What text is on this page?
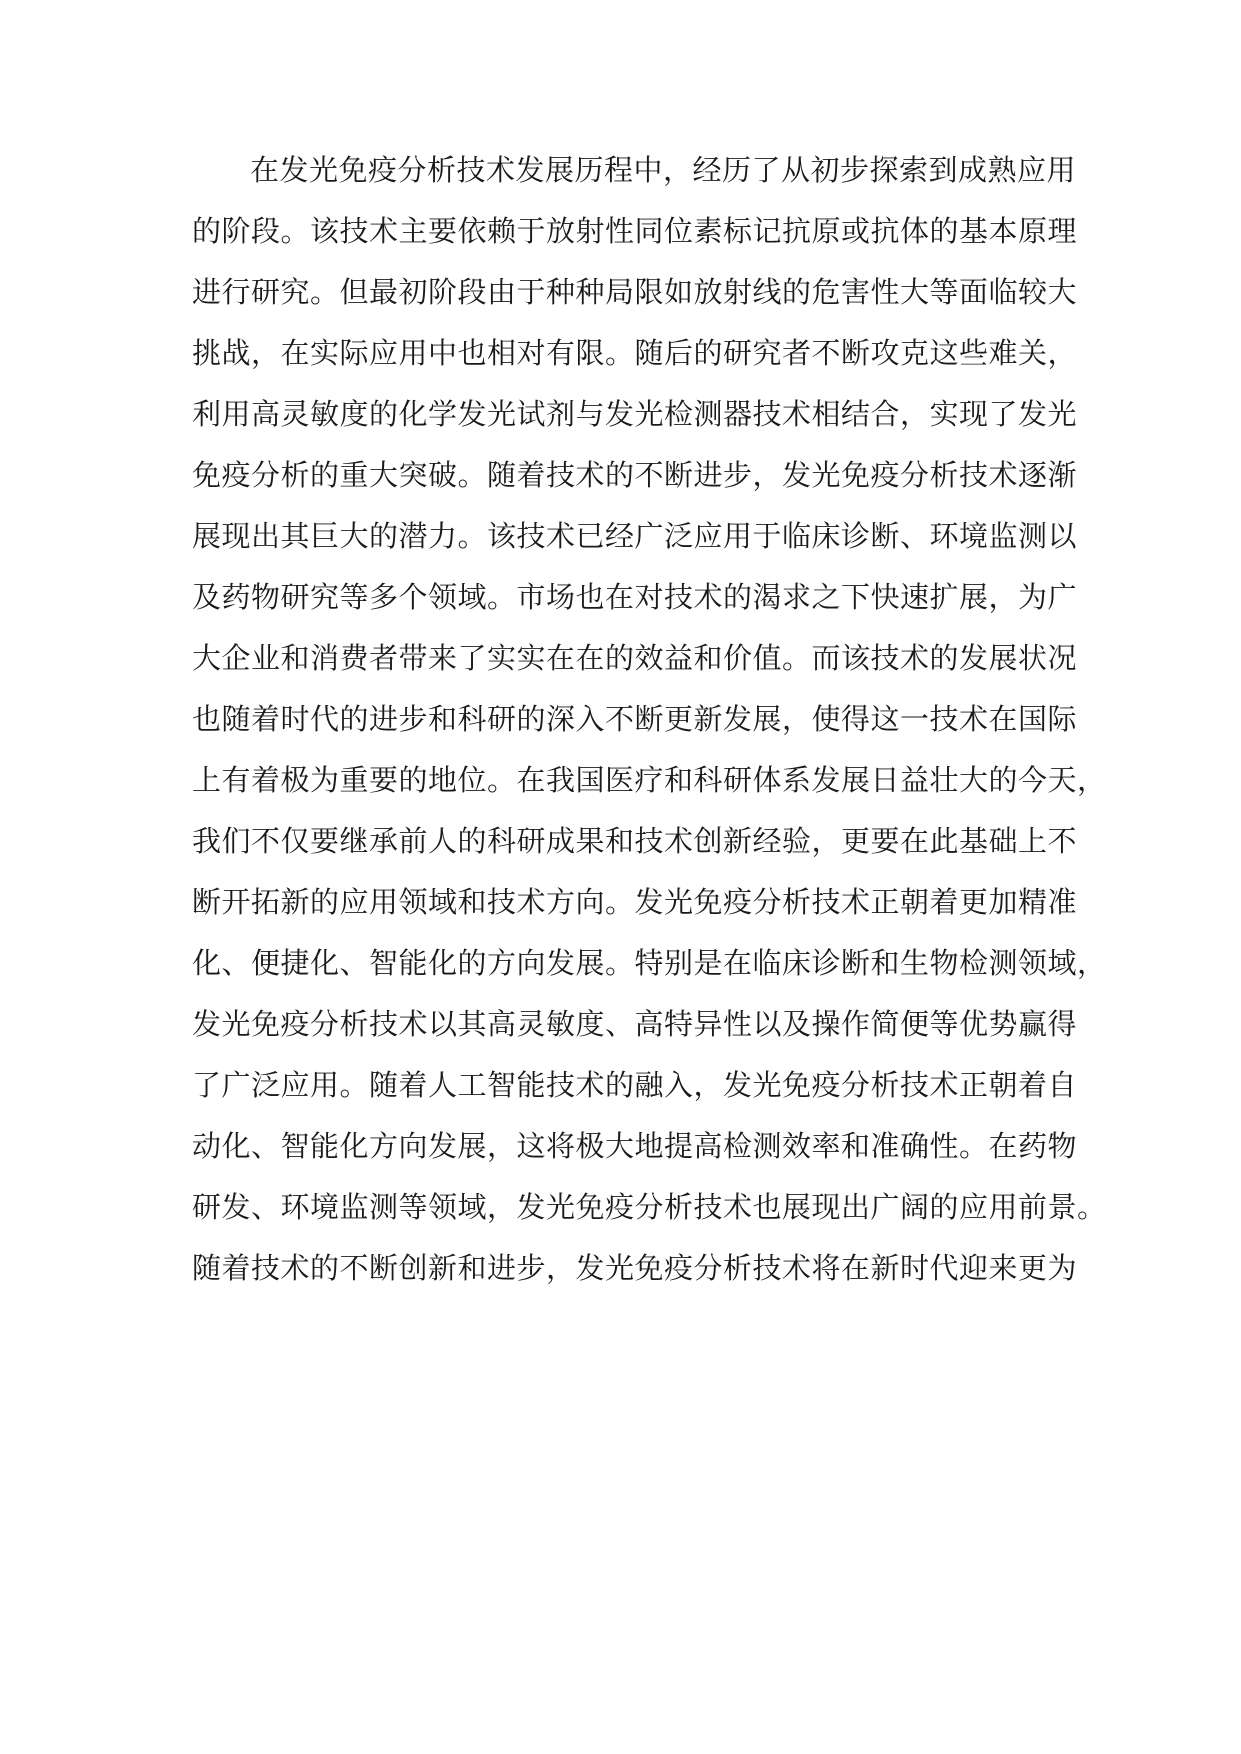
在发光免疫分析技术发展历程中，经历了从初步探索到成熟应用
的阶段。该技术主要依赖于放射性同位素标记抗原或抗体的基本原理
进行研究。但最初阶段由于种种局限如放射线的危害性大等面临较大
挑战，在实际应用中也相对有限。随后的研究者不断攻克这些难关，
利用高灵敏度的化学发光试剂与发光检测器技术相结合，实现了发光
免疫分析的重大突破。随着技术的不断进步，发光免疫分析技术逐渐
展现出其巨大的潜力。该技术已经广泛应用于临床诊断、环境监测以
及药物研究等多个领域。市场也在对技术的渴求之下快速扩展，为广
大企业和消费者带来了实实在在的效益和价值。而该技术的发展状况
也随着时代的进步和科研的深入不断更新发展，使得这一技术在国际
上有着极为重要的地位。在我国医疗和科研体系发展日益壮大的今天，
我们不仅要继承前人的科研成果和技术创新经验，更要在此基础上不
断开拓新的应用领域和技术方向。发光免疫分析技术正朝着更加精准
化、便捷化、智能化的方向发展。特别是在临床诊断和生物检测领域，
发光免疫分析技术以其高灵敏度、高特异性以及操作简便等优势赢得
了广泛应用。随着人工智能技术的融入，发光免疫分析技术正朝着自
动化、智能化方向发展，这将极大地提高检测效率和准确性。在药物
研发、环境监测等领域，发光免疫分析技术也展现出广阔的应用前景。
随着技术的不断创新和进步，发光免疫分析技术将在新时代迎来更为
